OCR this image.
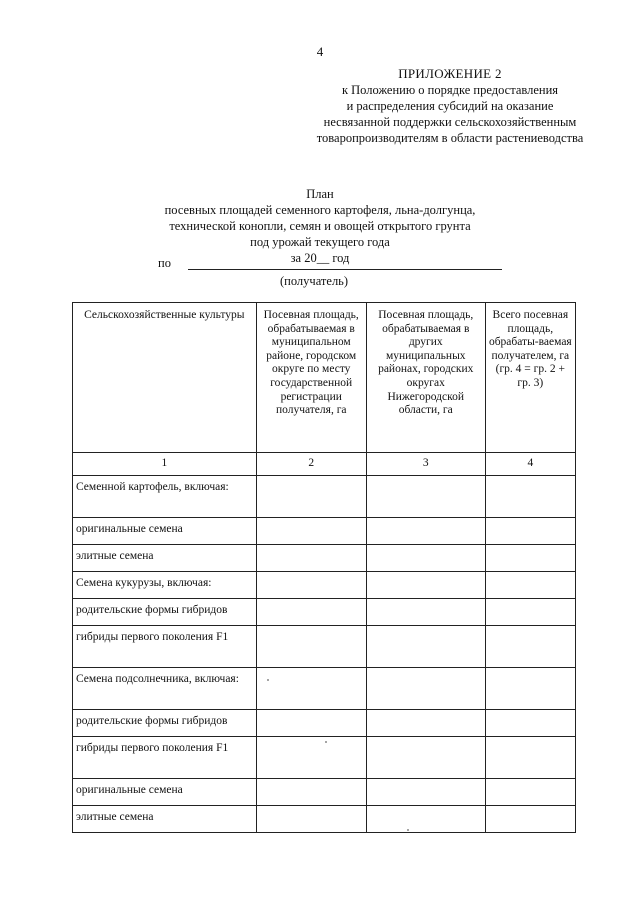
4
ПРИЛОЖЕНИЕ 2
к Положению о порядке предоставления
и распределения субсидий на оказание
несвязанной поддержки сельскохозяйственным
товаропроизводителям в области растениеводства
План
посевных площадей семенного картофеля, льна-долгунца,
технической конопли, семян и овощей открытого грунта
под урожай текущего года
за 20__ год
по
(получатель)
Сельскохозяйственные культуры	Посевная площадь, обрабатываемая в муниципальном районе, городском округе по месту государственной регистрации получателя, га	Посевная площадь, обрабатываемая в других муниципальных районах, городских округах Нижегородской области, га	Всего посевная площадь, обрабаты-ваемая получателем, га (гр. 4 = гр. 2 + гр. 3)
1	2	3	4
Семенной картофель, включая:			
оригинальные семена			
элитные семена			
Семена кукурузы, включая:			
родительские формы гибридов			
гибриды первого поколения F1			
Семена подсолнечника, включая:			
родительские формы гибридов			
гибриды первого поколения F1			
оригинальные семена			
элитные семена			
